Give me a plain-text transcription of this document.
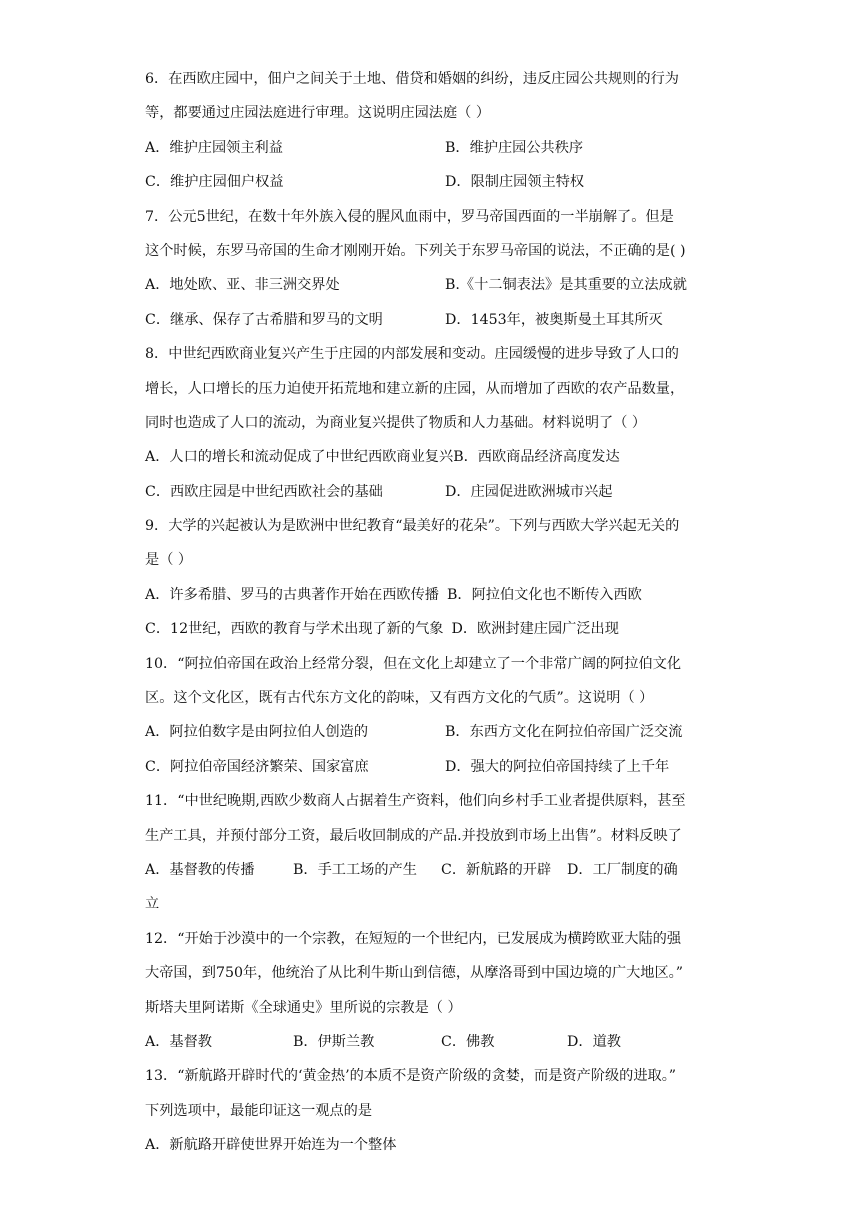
6．在西欧庄园中，佃户之间关于土地、借贷和婚姻的纠纷，违反庄园公共规则的行为
等，都要通过庄园法庭进行审理。这说明庄园法庭（ ）
A．维护庄园领主利益	B．维护庄园公共秩序
C．维护庄园佃户权益	D．限制庄园领主特权
7．公元5世纪，在数十年外族入侵的腥风血雨中，罗马帝国西面的一半崩解了。但是
这个时候，东罗马帝国的生命才刚刚开始。下列关于东罗马帝国的说法，不正确的是( )
A．地处欧、亚、非三洲交界处	B.《十二铜表法》是其重要的立法成就
C．继承、保存了古希腊和罗马的文明	D．1453年，被奥斯曼土耳其所灭
8．中世纪西欧商业复兴产生于庄园的内部发展和变动。庄园缓慢的进步导致了人口的
增长，人口增长的压力迫使开拓荒地和建立新的庄园，从而增加了西欧的农产品数量，
同时也造成了人口的流动，为商业复兴提供了物质和人力基础。材料说明了（ ）
A．人口的增长和流动促成了中世纪西欧商业复兴 B．西欧商品经济高度发达
C．西欧庄园是中世纪西欧社会的基础	D．庄园促进欧洲城市兴起
9．大学的兴起被认为是欧洲中世纪教育“最美好的花朵”。下列与西欧大学兴起无关的
是（ ）
A．许多希腊、罗马的古典著作开始在西欧传播 B．阿拉伯文化也不断传入西欧
C．12世纪，西欧的教育与学术出现了新的气象 D．欧洲封建庄园广泛出现
10．“阿拉伯帝国在政治上经常分裂，但在文化上却建立了一个非常广阔的阿拉伯文化
区。这个文化区，既有古代东方文化的韵味，又有西方文化的气质”。这说明（ ）
A．阿拉伯数字是由阿拉伯人创造的	B．东西方文化在阿拉伯帝国广泛交流
C．阿拉伯帝国经济繁荣、国家富庶	D．强大的阿拉伯帝国持续了上千年
11．“中世纪晚期,西欧少数商人占据着生产资料，他们向乡村手工业者提供原料，甚至
生产工具，并预付部分工资，最后收回制成的产品.并投放到市场上出售”。材料反映了
A．基督教的传播	B．手工工场的产生	C．新航路的开辟	D．工厂制度的确
立
12．“开始于沙漠中的一个宗教，在短短的一个世纪内，已发展成为横跨欧亚大陆的强
大帝国，到750年，他统治了从比利牛斯山到信德，从摩洛哥到中国边境的广大地区。”
斯塔夫里阿诺斯《全球通史》里所说的宗教是（ ）
A．基督教	B．伊斯兰教	C．佛教	D．道教
13．“新航路开辟时代的‘黄金热’的本质不是资产阶级的贪婪，而是资产阶级的进取。”
下列选项中，最能印证这一观点的是
A．新航路开辟使世界开始连为一个整体
